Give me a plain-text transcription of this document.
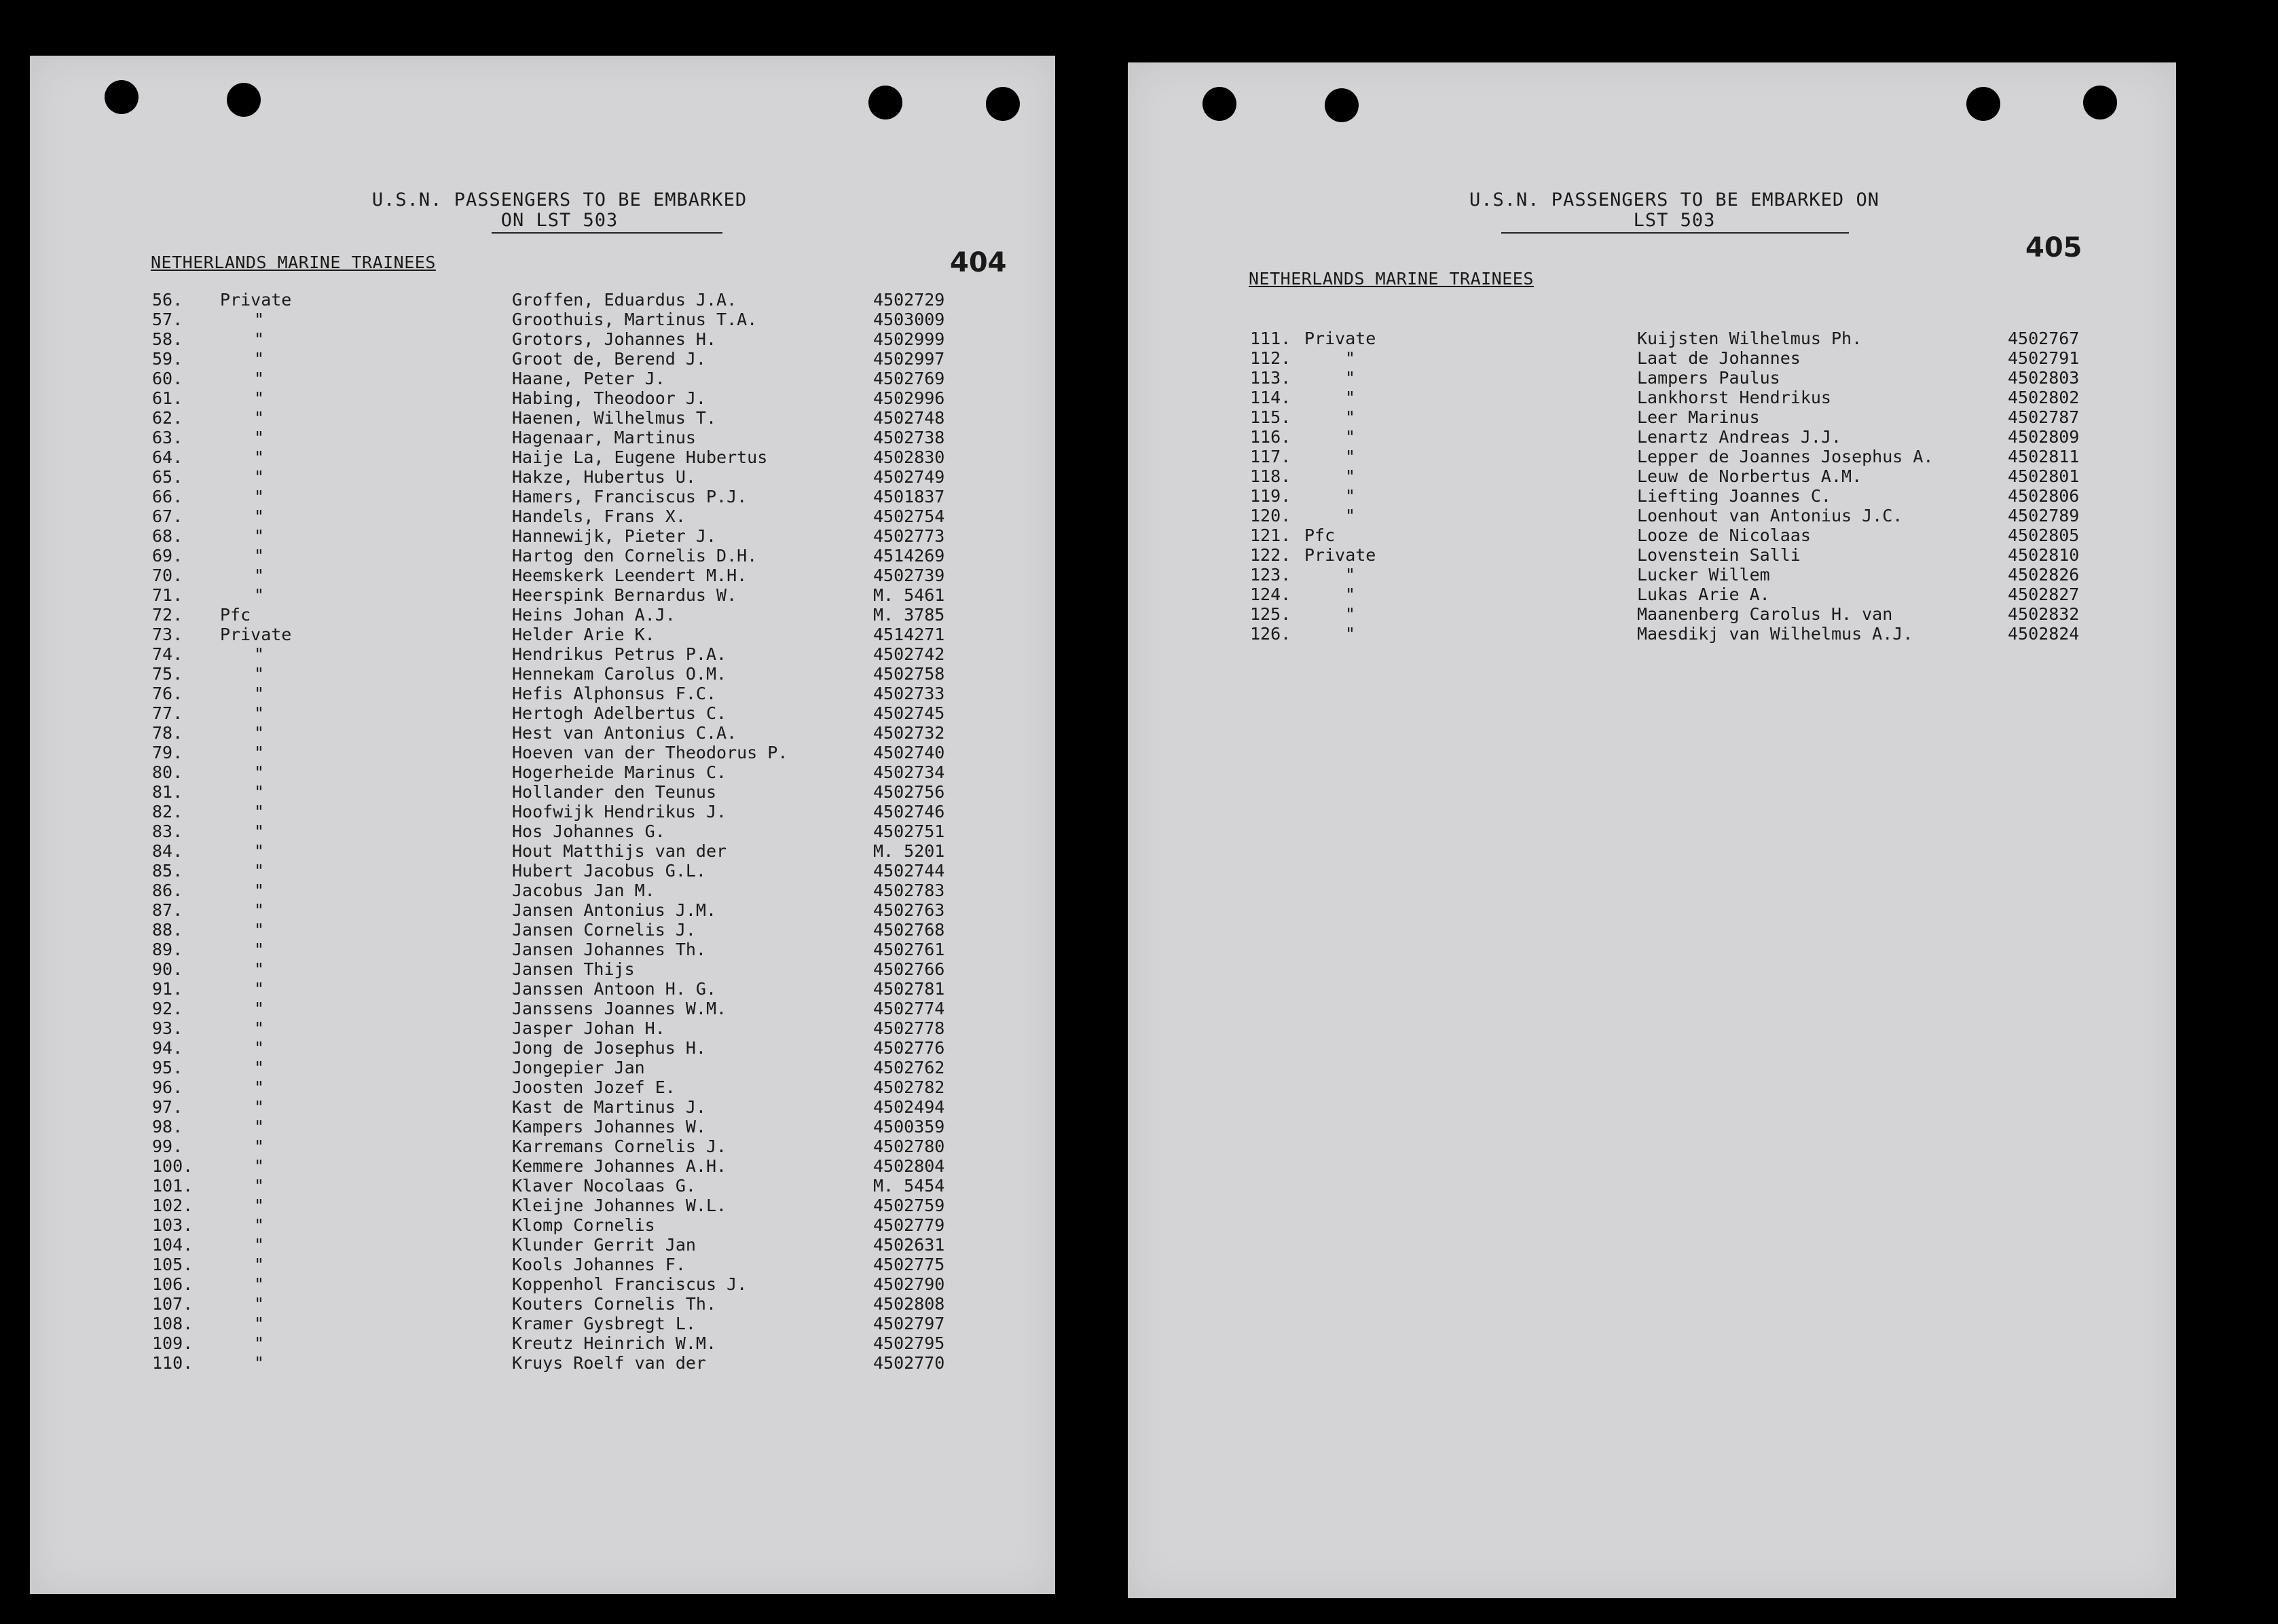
U.S.N. PASSENGERS TO BE EMBARKED
ON LST 503
404
NETHERLANDS MARINE TRAINEES
56. Private	Groffen, Eduardus J.A.	4502729
57.	"	Groothuis, Martinus T.A.	4503009
58.	"	Grotors, Johannes H.	4502999
59.	"	Groot de, Berend J.	4502997
60.	"	Haane, Peter J.	4502769
61.	"	Habing, Theodoor J.	4502996
62.	"	Haenen, Wilhelmus T.	4502748
63.	"	Hagenaar, Martinus	4502738
64.	"	Haije La, Eugene Hubertus	4502830
65.	"	Hakze, Hubertus U.	4502749
66.	"	Hamers, Franciscus P.J.	4501837
67.	"	Handels, Frans X.	4502754
68.	"	Hannewijk, Pieter J.	4502773
69.	"	Hartog den Cornelis D.H.	4514269
70.	"	Heemskerk Leendert M.H.	4502739
71.	"	Heerspink Bernardus W.	M. 5461
72. Pfc	Heins Johan A.J.	M. 3785
73. Private	Helder Arie K.	4514271
74.	"	Hendrikus Petrus P.A.	4502742
75.	"	Hennekam Carolus O.M.	4502758
76.	"	Hefis Alphonsus F.C.	4502733
77.	"	Hertogh Adelbertus C.	4502745
78.	"	Hest van Antonius C.A.	4502732
79.	"	Hoeven van der Theodorus P.	4502740
80.	"	Hogerheide Marinus C.	4502734
81.	"	Hollander den Teunus	4502756
82.	"	Hoofwijk Hendrikus J.	4502746
83.	"	Hos Johannes G.	4502751
84.	"	Hout Matthijs van der	M. 5201
85.	"	Hubert Jacobus G.L.	4502744
86.	"	Jacobus Jan M.	4502783
87.	"	Jansen Antonius J.M.	4502763
88.	"	Jansen Cornelis J.	4502768
89.	"	Jansen Johannes Th.	4502761
90.	"	Jansen Thijs	4502766
91.	"	Janssen Antoon H. G.	4502781
92.	"	Janssens Joannes W.M.	4502774
93.	"	Jasper Johan H.	4502778
94.	"	Jong de Josephus H.	4502776
95.	"	Jongepier Jan	4502762
96.	"	Joosten Jozef E.	4502782
97.	"	Kast de Martinus J.	4502494
98.	"	Kampers Johannes W.	4500359
99.	"	Karremans Cornelis J.	4502780
100.	"	Kemmere Johannes A.H.	4502804
101.	"	Klaver Nocolaas G.	M. 5454
102.	"	Kleijne Johannes W.L.	4502759
103.	"	Klomp Cornelis	4502779
104.	"	Klunder Gerrit Jan	4502631
105.	"	Kools Johannes F.	4502775
106.	"	Koppenhol Franciscus J.	4502790
107.	"	Kouters Cornelis Th.	4502808
108.	"	Kramer Gysbregt L.	4502797
109.	"	Kreutz Heinrich W.M.	4502795
110.	"	Kruys Roelf van der	4502770
U.S.N. PASSENGERS TO BE EMBARKED ON
LST 503
405
NETHERLANDS MARINE TRAINEES
111. Private	Kuijsten Wilhelmus Ph.	4502767
112.	"	Laat de Johannes	4502791
113.	"	Lampers Paulus	4502803
114.	"	Lankhorst Hendrikus	4502802
115.	"	Leer Marinus	4502787
116.	"	Lenartz Andreas J.J.	4502809
117.	"	Lepper de Joannes Josephus A.	4502811
118.	"	Leuw de Norbertus A.M.	4502801
119.	"	Liefting Joannes C.	4502806
120.	"	Loenhout van Antonius J.C.	4502789
121. Pfc	Looze de Nicolaas	4502805
122. Private	Lovenstein Salli	4502810
123.	"	Lucker Willem	4502826
124.	"	Lukas Arie A.	4502827
125.	"	Maanenberg Carolus H. van	4502832
126.	"	Maesdikj van Wilhelmus A.J.	4502824
